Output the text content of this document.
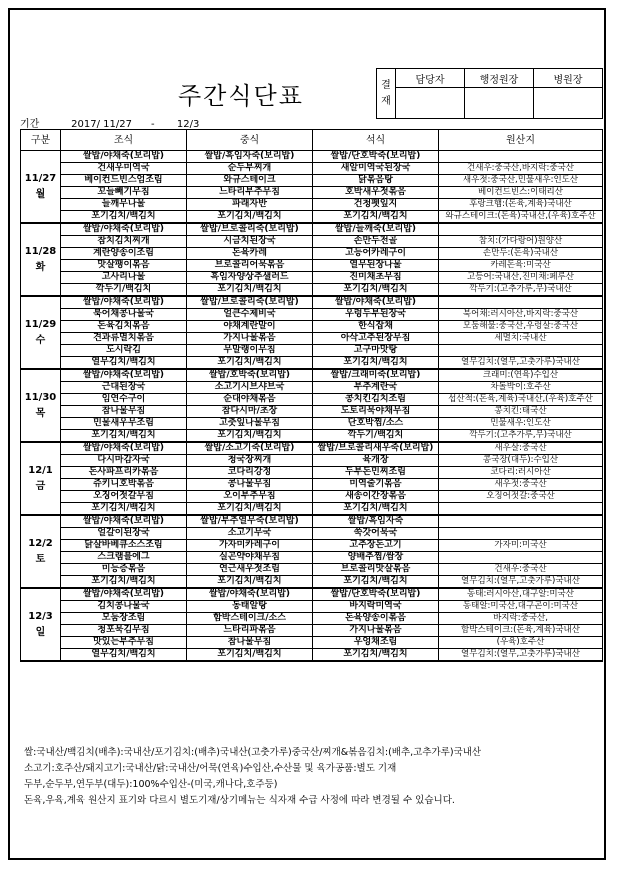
주간식단표	결재	담당자	행정원장	병원장

기간	2017/ 11/27 - 12/3
구분	조식	중식	석식	원산지

11/27
월	쌀밥/야채죽(보리밥)	쌀밥/흑임자죽(보리밥)	쌀밥/단호박죽(보리밥)	
	건새우미역국	순두부찌개	새알미역국된장국	건새우:중국산,바지락:중국산
	베이컨드빈스엄조림	와규스테이크	닭볶음탕	새우젓:중국산,민물새우:인도산
	꼬들빼기무침	느타리부추무침	호박새우젓볶음	베이컨드빈스:이태리산
	들깨무나물	파래자반	건청펫잎지	후랑크햄:(돈육,계육)국내산
	포기김치/백김치	포기김치/백김치	포기김치/백김치	와규스테이크:(돈육)국내산,(우육)호주산

11/28
화	쌀밥/야채죽(보리밥)	쌀밥/브로콜리죽(보리밥)	쌀밥/들깨죽(보리밥)	
	참치김치찌개	시금치된장국	손만두전골	참치:(가다랑어)원양산
	계란양송이조림	돈육카레	고등어카레구이	손만두:(돈육)국내산
	맛살팽이볶음	브로콜리어묵볶음	열무된장나물	카레돈육:미국산
	고사리나물	흑임자양상추샐러드	진미채초무침	고등어:국내산,진미채:페루산
	깍두기/백김치	포기김치/백김치	포기김치/백김치	깍두기:(고추가루,무)국내산

11/29
수	쌀밥/야채죽(보리밥)	쌀밥/브로콜리죽(보리밥)	쌀밥/야채죽(보리밥)	
	북어채콩나물국	얼큰수제비국	우렁두부된장국	북어채:러시아산,바지락:중국산
	돈육김치볶음	야채계란말이	한식잡채	모둠해물:중국산,우렁살:중국산
	견과류멸치볶음	가지나물볶음	아삭고추된장무침	세멸치:국내산
	도시락김	무말랭이무침	고구마맛탕	
	열무김치/백김치	포기김치/백김치	포기김치/백김치	열무김치:(열무,고춧가루)국내산

11/30
목	쌀밥/야채죽(보리밥)	쌀밥/호박죽(보리밥)	쌀밥/크래미죽(보리밥)	크래미:(연육)수입산
	근대된장국	소고기시브샤브국	부추계란국	차돌박이:호주산
	임연수구이	순대야채볶음	콩치킨김치조림	섭산적:(돈육,계육)국내산,(우육)호주산
	참나물무침	참다시마/초장	도토리묵야채무침	콩치킨:태국산
	민물새우무조림	고춧잎나물무침	단호박찜/소스	민물새우:인도산
	포기김치/백김치	포기김치/백김치	깍두기/백김치	깍두기:(고추가루,무)국내산

12/1
금	쌀밥/야채죽(보리밥)	쌀밥/소고기죽(보리밥)	쌀밥/브로콜리새우죽(보리밥)	새우살:중국산
	다시마감자국	청국장찌개	육개장	콩국장(대두):수입산
	돈사파프리카볶음	코다리강정	두부돈민찌조림	코다리:러시아산
	쥬키니호박볶음	콩나물무침	미역줄기볶음	새우젓:중국산
	오징어젓갈무침	오이부추무침	새송이간장볶음	오징어젓갈:중국산
	포기김치/백김치	포기김치/백김치	포기김치/백김치	

12/2
토	쌀밥/야채죽(보리밥)	쌀밥/부추열무죽(보리밥)	쌀밥/흑임자죽	
	얼갈이된장국	소고기무국	쑥갓어묵국	
	닭살바베큐소스조림	가자미카레구이	고추장돈고기	가자미:미국산
	스크램블에그	실곤약야채무침	양배추찜/쌈장	
	미능증볶음	연근새우젓조림	브로콜리맛살볶음	건새우:중국산
	포기김치/백김치	포기김치/백김치	포기김치/백김치	열무김치:(열무,고춧가루)국내산

12/3
일	쌀밥/야채죽(보리밥)	쌀밥/야채죽(보리밥)	쌀밥/단호박죽(보리밥)	동태:러시아산,대구알:미국산
	김치콩나물국	동태알탕	바지락미역국	동태알:미국산,대구곤이:미국산
	모둠장조림	함박스테이크/소스	돈육양송이볶음	바지락:중국산,
	청포묵김무침	느타리파볶음	가지나물볶음	함박스테이크:(돈육,계육)국내산
	맛있는부추무침	참나물무침	우엉채조림	(우육)호주산
	열무김치/백김치	포기김치/백김치	포기김치/백김치	열무김치:(열무,고춧가루)국내산
쌀:국내산/백김치(배추):국내산/포기김치:(배추)국내산(고춧가루)중국산/찌개&볶음김치:(배추,고추가루)국내산
소고기:호주산/돼지고기:국내산/닭:국내산/어묵(연육)수입산,수산물 및 육가공품:별도 기재
두부,순두부,연두부(대두):100%수입산-(미국,캐나다,호주등)
돈육,우육,계육 원산지 표기와 다르시 별도기재/상기메뉴는 식자재 수급 사정에 따라 변경될 수 있습니다.
